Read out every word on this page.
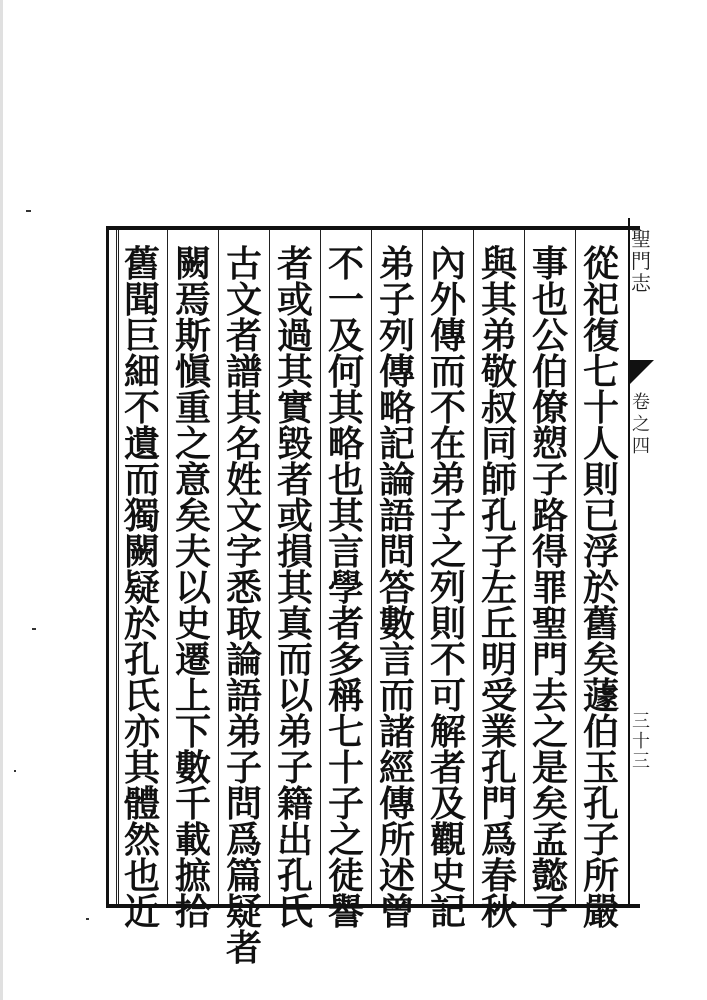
聖
門
志
卷
之
四
三
十
三
從
祀
復
七
十
人
則
已
浮
於
舊
矣
蘧
伯
玉
孔
子
所
嚴
事
也
公
伯
僚
愬
子
路
得
罪
聖
門
去
之
是
矣
孟
懿
子
與
其
弟
敬
叔
同
師
孔
子
左
丘
明
受
業
孔
門
爲
春
秋
內
外
傳
而
不
在
弟
子
之
列
則
不
可
解
者
及
觀
史
記
弟
子
列
傳
略
記
論
語
問
答
數
言
而
諸
經
傳
所
述
曾
不
一
及
何
其
略
也
其
言
學
者
多
稱
七
十
子
之
徒
譽
者
或
過
其
實
毀
者
或
損
其
真
而
以
弟
子
籍
出
孔
氏
古
文
者
譜
其
名
姓
文
字
悉
取
論
語
弟
子
問
爲
篇
疑
者
闕
焉
斯
愼
重
之
意
矣
夫
以
史
遷
上
下
數
千
載
摭
拾
舊
聞
巨
細
不
遺
而
獨
闕
疑
於
孔
氏
亦
其
體
然
也
近
